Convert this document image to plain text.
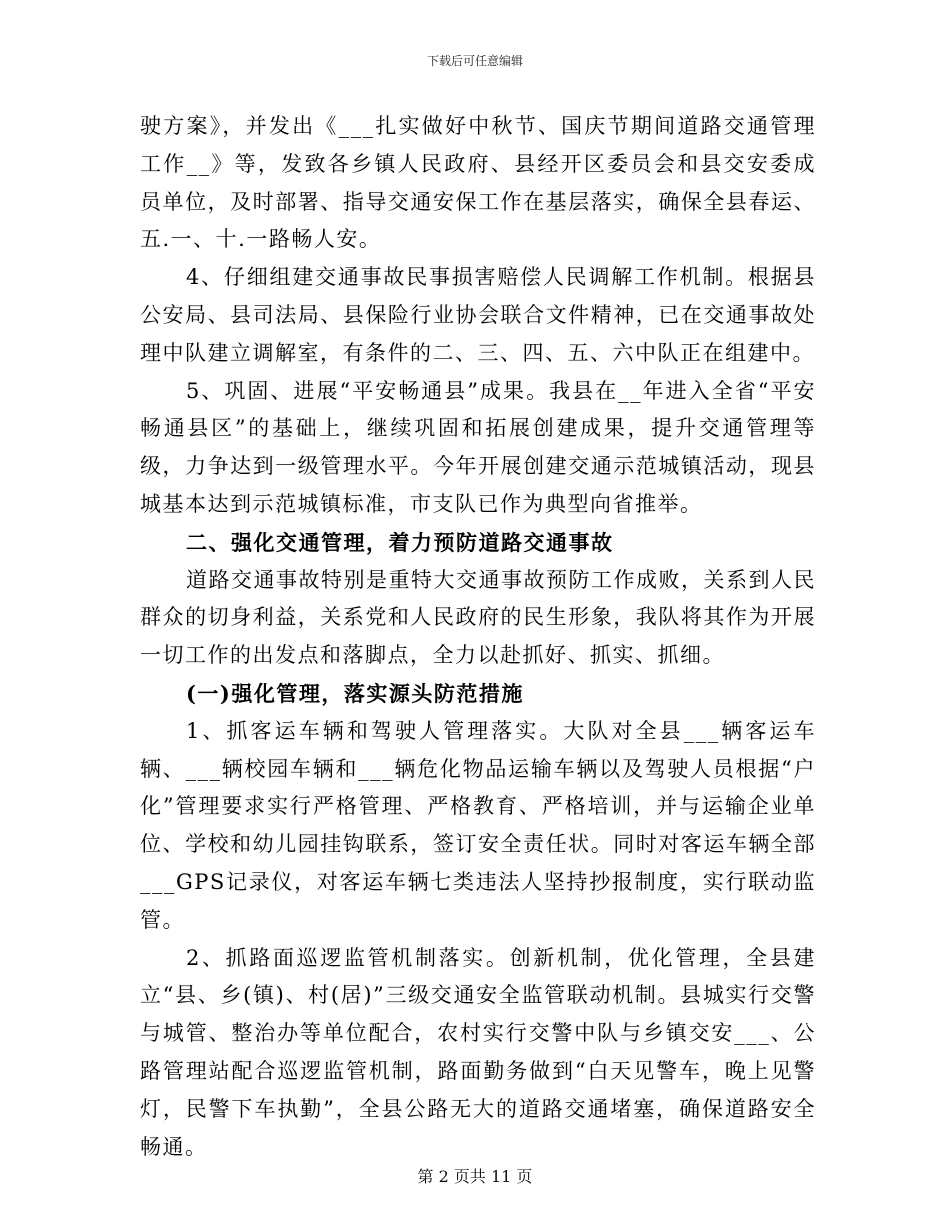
下载后可任意编辑

驶方案》，并发出《___扎实做好中秋节、国庆节期间道路交通管理工作__》等，发致各乡镇人民政府、县经开区委员会和县交安委成员单位，及时部署、指导交通安保工作在基层落实，确保全县春运、五.一、十.一路畅人安。

4、仔细组建交通事故民事损害赔偿人民调解工作机制。根据县公安局、县司法局、县保险行业协会联合文件精神，已在交通事故处理中队建立调解室，有条件的二、三、四、五、六中队正在组建中。

5、巩固、进展“平安畅通县”成果。我县在__年进入全省“平安畅通县区”的基础上，继续巩固和拓展创建成果，提升交通管理等级，力争达到一级管理水平。今年开展创建交通示范城镇活动，现县城基本达到示范城镇标准，市支队已作为典型向省推举。

二、强化交通管理，着力预防道路交通事故

道路交通事故特别是重特大交通事故预防工作成败，关系到人民群众的切身利益，关系党和人民政府的民生形象，我队将其作为开展一切工作的出发点和落脚点，全力以赴抓好、抓实、抓细。

(一)强化管理，落实源头防范措施

1、抓客运车辆和驾驶人管理落实。大队对全县___辆客运车辆、___辆校园车辆和___辆危化物品运输车辆以及驾驶人员根据“户化”管理要求实行严格管理、严格教育、严格培训，并与运输企业单位、学校和幼儿园挂钩联系，签订安全责任状。同时对客运车辆全部___GPS记录仪，对客运车辆七类违法人坚持抄报制度，实行联动监管。

2、抓路面巡逻监管机制落实。创新机制，优化管理，全县建立“县、乡(镇)、村(居)”三级交通安全监管联动机制。县城实行交警与城管、整治办等单位配合，农村实行交警中队与乡镇交安___、公路管理站配合巡逻监管机制，路面勤务做到“白天见警车，晚上见警灯，民警下车执勤”，全县公路无大的道路交通堵塞，确保道路安全畅通。

第 2 页共 11 页
